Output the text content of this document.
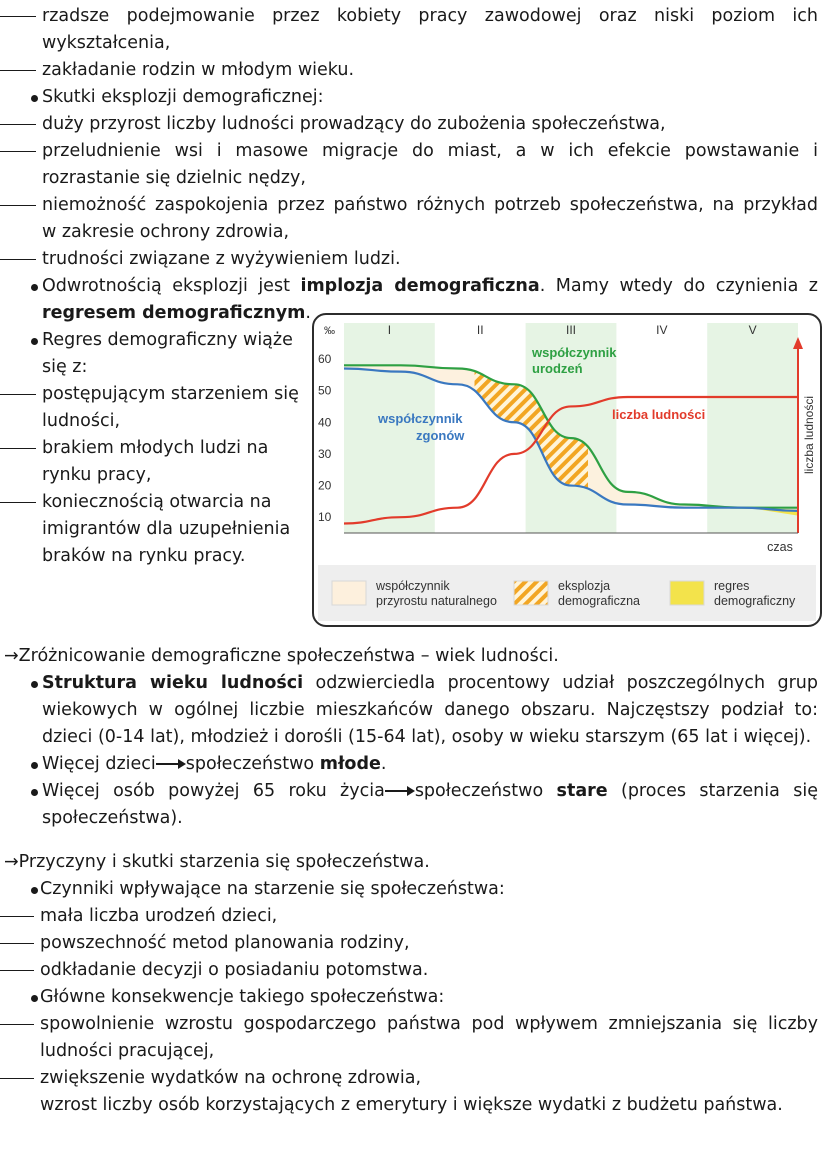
rzadsze podejmowanie przez kobiety pracy zawodowej oraz niski poziom ich
wykształcenia,
zakładanie rodzin w młodym wieku.
Skutki eksplozji demograficznej:
duży przyrost liczby ludności prowadzący do zubożenia społeczeństwa,
przeludnienie wsi i masowe migracje do miast, a w ich efekcie powstawanie i
rozrastanie się dzielnic nędzy,
niemożność zaspokojenia przez państwo różnych potrzeb społeczeństwa, na przykład
w zakresie ochrony zdrowia,
trudności związane z wyżywieniem ludzi.
Odwrotnością eksplozji jest implozja demograficzna. Mamy wtedy do czynienia z
regresem demograficznym.
Regres demograficzny wiąże
się z:
postępującym starzeniem się
ludności,
brakiem młodych ludzi na
rynku pracy,
koniecznością otwarcia na
imigrantów dla uzupełnienia
braków na rynku pracy.
I	II	III	IV	V
‰
10
20
30
40
50
60	współczynnik
urodzeń
współczynnik
zgonów
liczba ludności	liczba ludności
czas
współczynnik
przyrostu naturalnego
eksplozja
demograficzna
regres
demograficzny
→Zróżnicowanie demograficzne społeczeństwa – wiek ludności.
Struktura wieku ludności odzwierciedla procentowy udział poszczególnych grup
wiekowych w ogólnej liczbie mieszkańców danego obszaru. Najczęstszy podział to:
dzieci (0-14 lat), młodzież i dorośli (15-64 lat), osoby w wieku starszym (65 lat i więcej).
Więcej dzieci społeczeństwo młode.
Więcej osób powyżej 65 roku życia społeczeństwo stare (proces starzenia się
społeczeństwa).
→Przyczyny i skutki starzenia się społeczeństwa.
Czynniki wpływające na starzenie się społeczeństwa:
mała liczba urodzeń dzieci,
powszechność metod planowania rodziny,
odkładanie decyzji o posiadaniu potomstwa.
Główne konsekwencje takiego społeczeństwa:
spowolnienie wzrostu gospodarczego państwa pod wpływem zmniejszania się liczby
ludności pracującej,
zwiększenie wydatków na ochronę zdrowia,
wzrost liczby osób korzystających z emerytury i większe wydatki z budżetu państwa.
